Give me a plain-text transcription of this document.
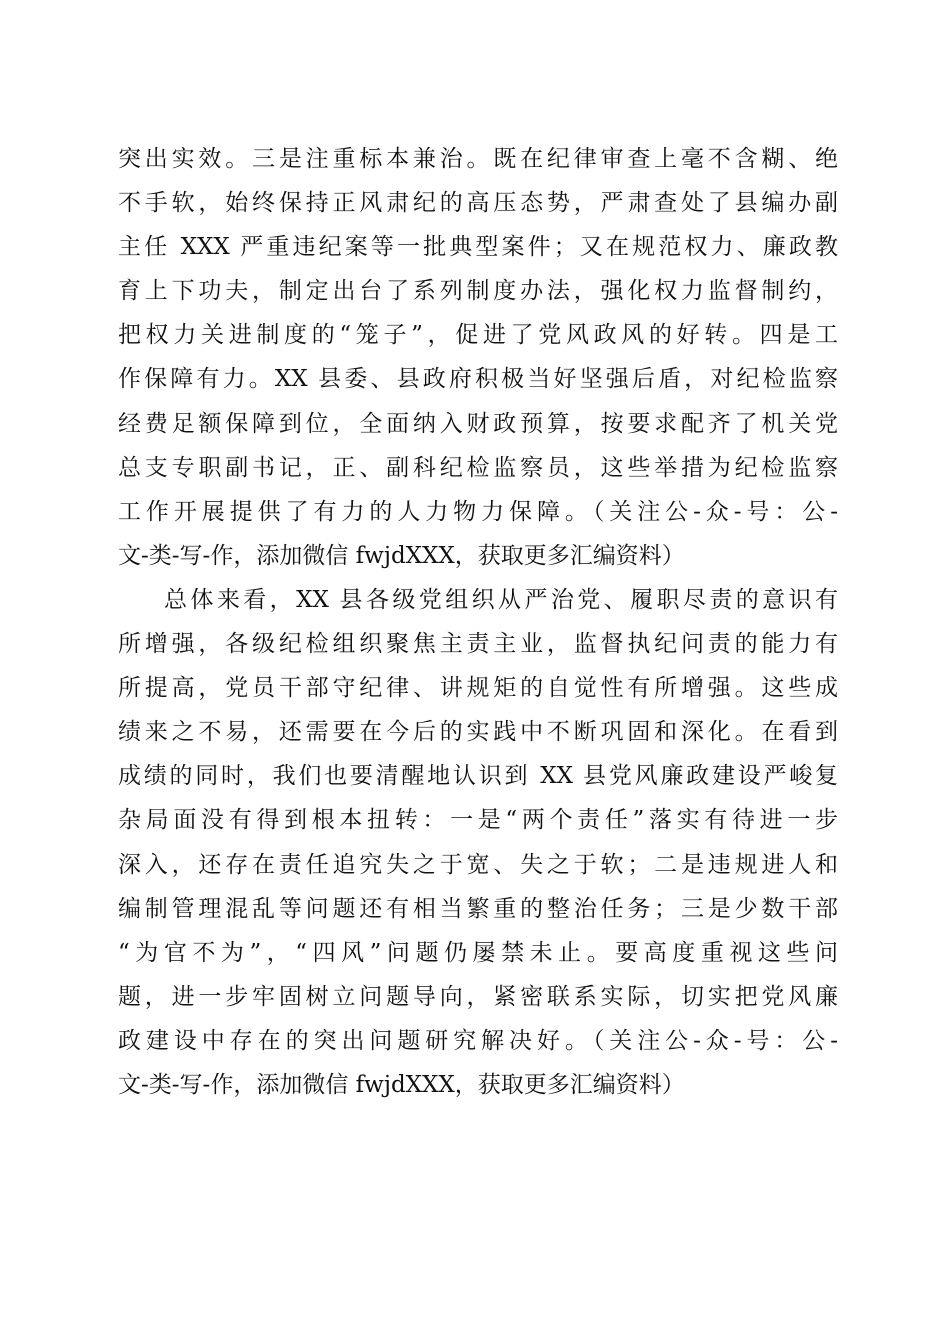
突出实效。三是注重标本兼治。既在纪律审查上毫不含糊、绝
不手软，始终保持正风肃纪的高压态势，严肃查处了县编办副
主任 XXX 严重违纪案等一批典型案件；又在规范权力、廉政教
育上下功夫，制定出台了系列制度办法，强化权力监督制约，
把权力关进制度的“笼子”，促进了党风政风的好转。四是工
作保障有力。XX 县委、县政府积极当好坚强后盾，对纪检监察
经费足额保障到位，全面纳入财政预算，按要求配齐了机关党
总支专职副书记，正、副科纪检监察员，这些举措为纪检监察
工作开展提供了有力的人力物力保障。（关注公-众-号：公-
文-类-写-作，添加微信 fwjdXXX，获取更多汇编资料）
总体来看，XX 县各级党组织从严治党、履职尽责的意识有
所增强，各级纪检组织聚焦主责主业，监督执纪问责的能力有
所提高，党员干部守纪律、讲规矩的自觉性有所增强。这些成
绩来之不易，还需要在今后的实践中不断巩固和深化。在看到
成绩的同时，我们也要清醒地认识到 XX 县党风廉政建设严峻复
杂局面没有得到根本扭转：一是“两个责任”落实有待进一步
深入，还存在责任追究失之于宽、失之于软；二是违规进人和
编制管理混乱等问题还有相当繁重的整治任务；三是少数干部
“为官不为”，“四风”问题仍屡禁未止。要高度重视这些问
题，进一步牢固树立问题导向，紧密联系实际，切实把党风廉
政建设中存在的突出问题研究解决好。（关注公-众-号：公-
文-类-写-作，添加微信 fwjdXXX，获取更多汇编资料）
